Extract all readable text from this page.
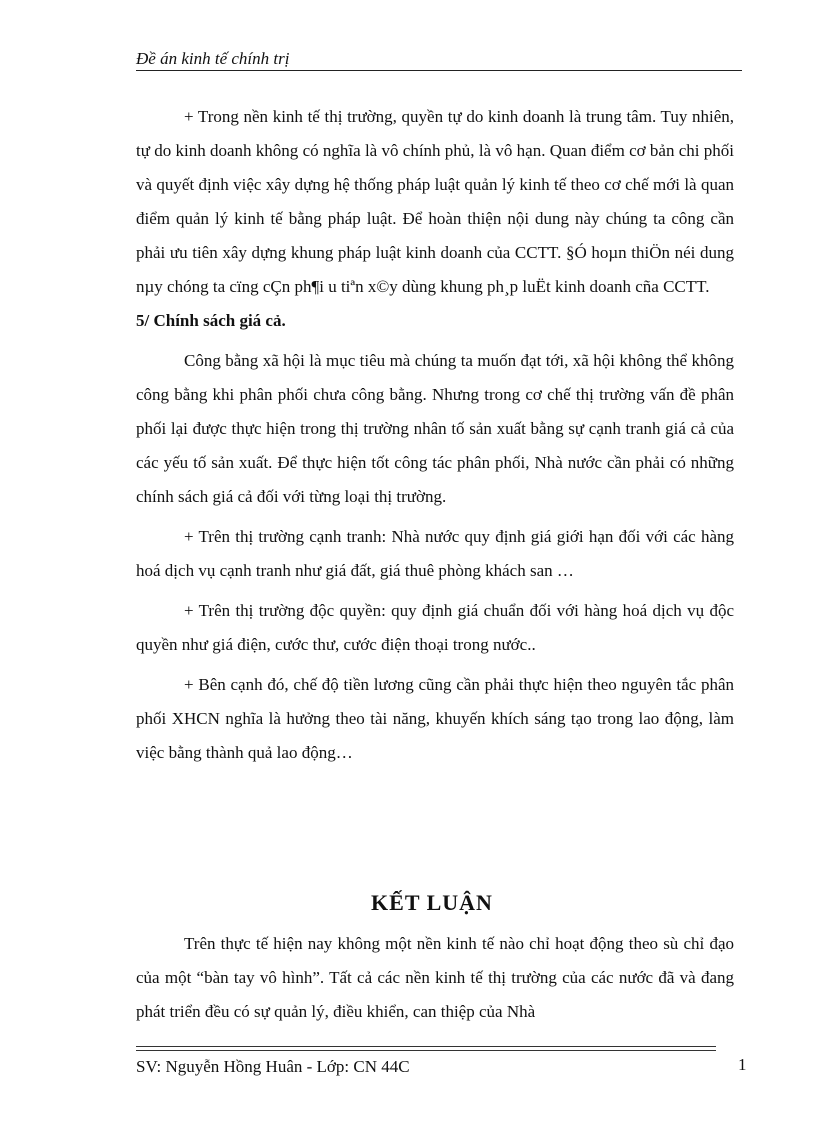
Đề án kinh tế chính trị

+ Trong nền kinh tế thị trường, quyền tự do kinh doanh là trung tâm. Tuy nhiên, tự do kinh doanh không có nghĩa là vô chính phủ, là vô hạn. Quan điểm cơ bản chi phối và quyết định việc xây dựng hệ thống pháp luật quản lý kinh tế theo cơ chế mới là quan điểm quản lý kinh tế bằng pháp luật. Để hoàn thiện nội dung này chúng ta công cần phải ưu tiên xây dựng khung pháp luật kinh doanh của CCTT. §Ó hoµn thiÖn néi dung nµy chóng ta cïng cÇn ph¶i u tiªn x©y dùng khung ph¸p luËt kinh doanh cña CCTT.

5/ Chính sách giá cả.

Công bằng xã hội là mục tiêu mà chúng ta muốn đạt tới, xã hội không thể không công bằng khi phân phối chưa công bằng. Nhưng trong cơ chế thị trường vấn đề phân phối lại được thực hiện trong thị trường nhân tố sản xuất bằng sự cạnh tranh giá cả của các yếu tố sản xuất. Để thực hiện tốt công tác phân phối, Nhà nước cần phải có những chính sách giá cả đối với từng loại thị trường.

+ Trên thị trường cạnh tranh: Nhà nước quy định giá giới hạn đối với các hàng hoá dịch vụ cạnh tranh như giá đất, giá thuê phòng khách san …

+ Trên thị trường độc quyền: quy định giá chuẩn đối với hàng hoá dịch vụ độc quyền như giá điện, cước thư, cước điện thoại trong nước..

+ Bên cạnh đó, chế độ tiền lương cũng cần phải thực hiện theo nguyên tắc phân phối XHCN nghĩa là hưởng theo tài năng, khuyến khích sáng tạo trong lao động, làm việc bằng thành quả lao động…

KẾT LUẬN

Trên thực tế hiện nay không một nền kinh tế nào chỉ hoạt động theo sù chỉ đạo của một “bàn tay vô hình”. Tất cả các nền kinh tế thị trường của các nước đã và đang phát triển đều có sự quản lý, điều khiển, can thiệp của Nhà

SV: Nguyễn Hồng Huân - Lớp: CN 44C	1
